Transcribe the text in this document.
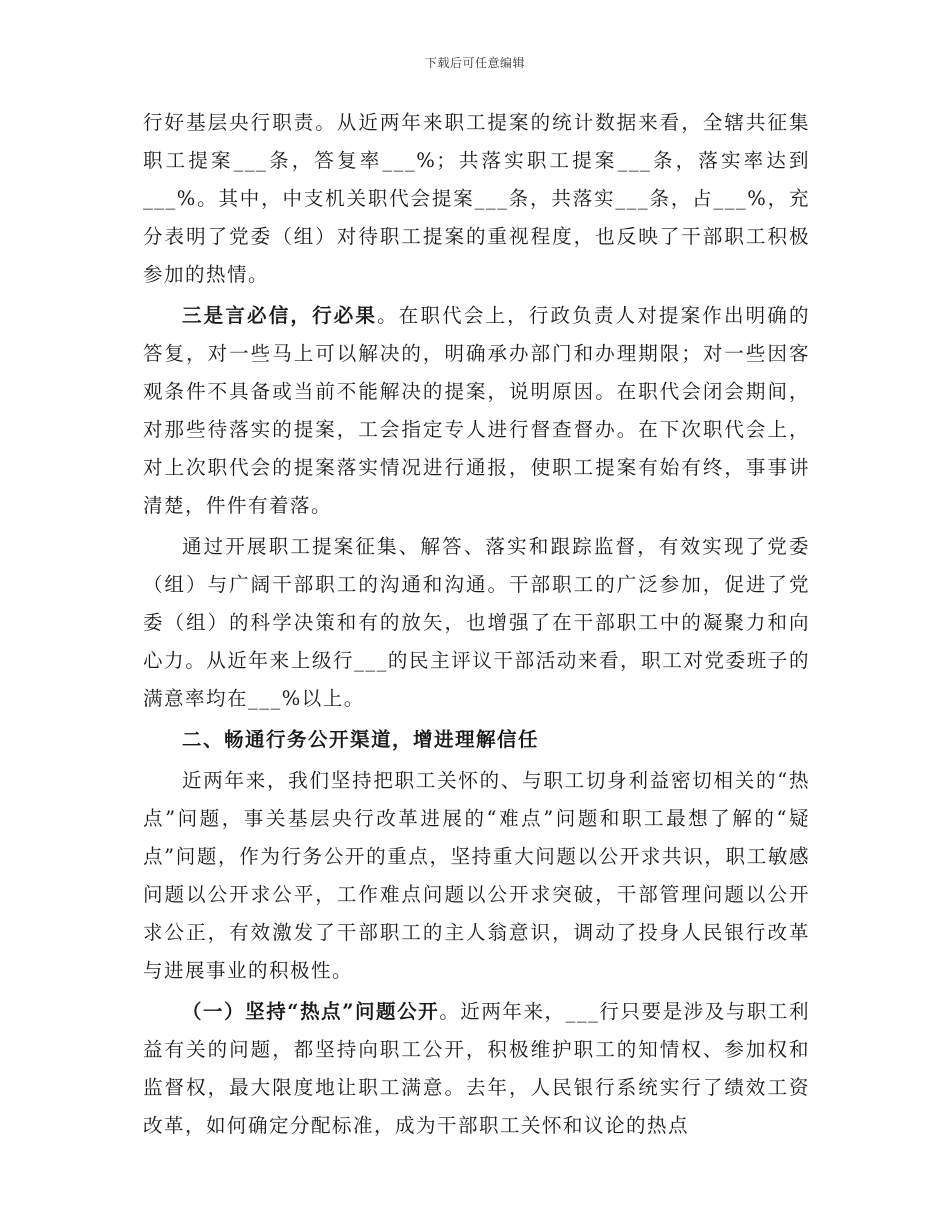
下载后可任意编辑

行好基层央行职责。从近两年来职工提案的统计数据来看，全辖共征集职工提案___条，答复率___%；共落实职工提案___条，落实率达到___%。其中，中支机关职代会提案___条，共落实___条，占___%，充分表明了党委（组）对待职工提案的重视程度，也反映了干部职工积极参加的热情。

三是言必信，行必果。在职代会上，行政负责人对提案作出明确的答复，对一些马上可以解决的，明确承办部门和办理期限；对一些因客观条件不具备或当前不能解决的提案，说明原因。在职代会闭会期间，对那些待落实的提案，工会指定专人进行督查督办。在下次职代会上，对上次职代会的提案落实情况进行通报，使职工提案有始有终，事事讲清楚，件件有着落。

通过开展职工提案征集、解答、落实和跟踪监督，有效实现了党委（组）与广阔干部职工的沟通和沟通。干部职工的广泛参加，促进了党委（组）的科学决策和有的放矢，也增强了在干部职工中的凝聚力和向心力。从近年来上级行___的民主评议干部活动来看，职工对党委班子的满意率均在___%以上。

二、畅通行务公开渠道，增进理解信任

近两年来，我们坚持把职工关怀的、与职工切身利益密切相关的“热点”问题，事关基层央行改革进展的“难点”问题和职工最想了解的“疑点”问题，作为行务公开的重点，坚持重大问题以公开求共识，职工敏感问题以公开求公平，工作难点问题以公开求突破，干部管理问题以公开求公正，有效激发了干部职工的主人翁意识，调动了投身人民银行改革与进展事业的积极性。

（一）坚持“热点”问题公开。近两年来，___行只要是涉及与职工利益有关的问题，都坚持向职工公开，积极维护职工的知情权、参加权和监督权，最大限度地让职工满意。去年，人民银行系统实行了绩效工资改革，如何确定分配标准，成为干部职工关怀和议论的热点
